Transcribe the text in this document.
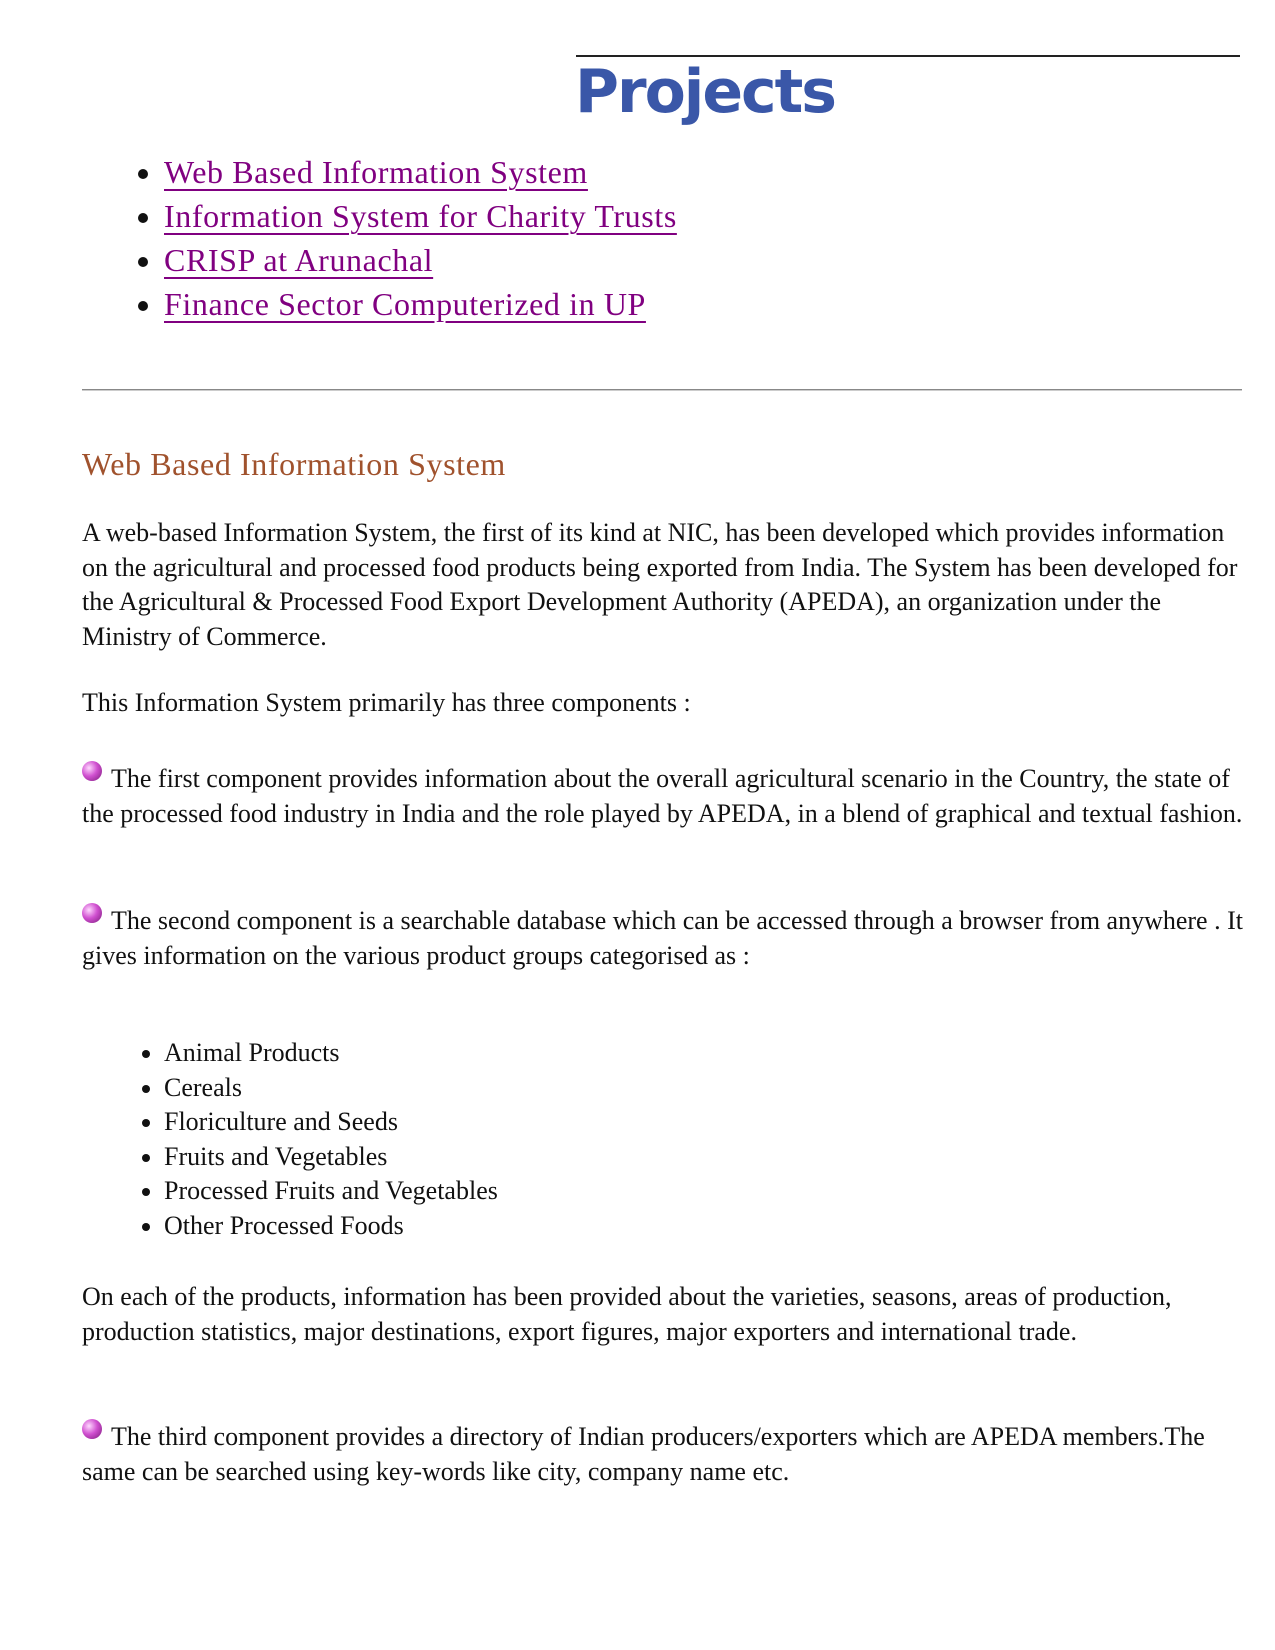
Projects
• Web Based Information System
• Information System for Charity Trusts
• CRISP at Arunachal
• Finance Sector Computerized in UP
Web Based Information System

A web-based Information System, the first of its kind at NIC, has been developed which provides information on the agricultural and processed food products being exported from India. The System has been developed for the Agricultural & Processed Food Export Development Authority (APEDA), an organization under the Ministry of Commerce.

This Information System primarily has three components :

The first component provides information about the overall agricultural scenario in the Country, the state of the processed food industry in India and the role played by APEDA, in a blend of graphical and textual fashion.

The second component is a searchable database which can be accessed through a browser from anywhere . It gives information on the various product groups categorised as :

• Animal Products
• Cereals
• Floriculture and Seeds
• Fruits and Vegetables
• Processed Fruits and Vegetables
• Other Processed Foods

On each of the products, information has been provided about the varieties, seasons, areas of production, production statistics, major destinations, export figures, major exporters and international trade.

The third component provides a directory of Indian producers/exporters which are APEDA members.The same can be searched using key-words like city, company name etc.
